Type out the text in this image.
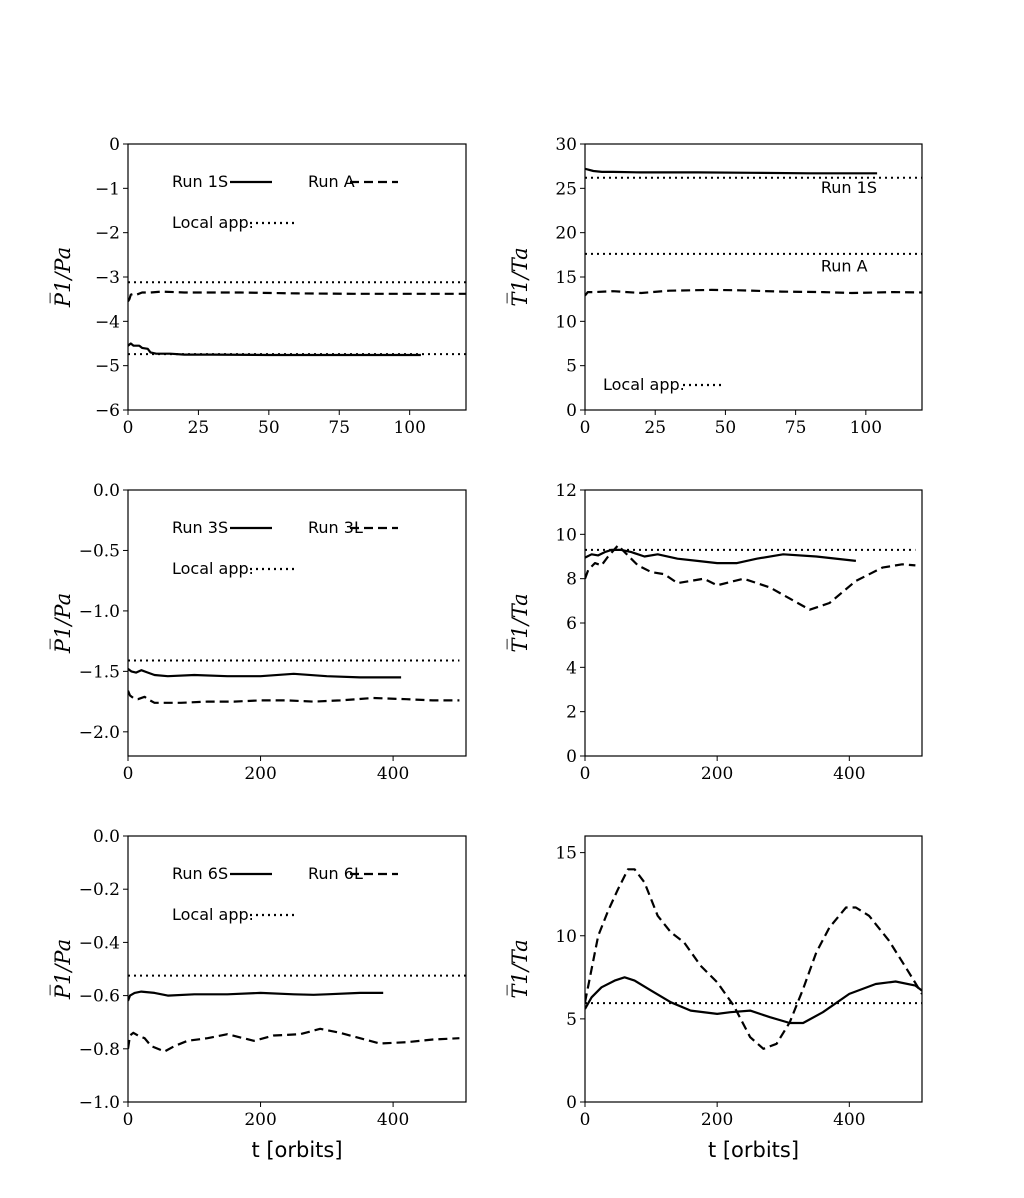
0	25	50	75	100
0
−1
−2
−3
−4
−5
−6
P̅1/Pa
Run 1S	Run A
Local app.
0	25	50	75	100
0
5
10
15
20
25
30
T̅1/Ta
Local app.
Run 1S
Run A
0	200	400
0.0
−0.5
−1.0
−1.5
−2.0
P̅1/Pa
Run 3S	Run 3L
Local app.
0	200	400
0
2
4
6
8
10
12
T̅1/Ta
0	200	400
0.0
−0.2
−0.4
−0.6
−0.8
−1.0
P̅1/Pa
t [orbits]
Run 6S	Run 6L
Local app.
0	200	400
0
5
10
15
T̅1/Ta
t [orbits]
